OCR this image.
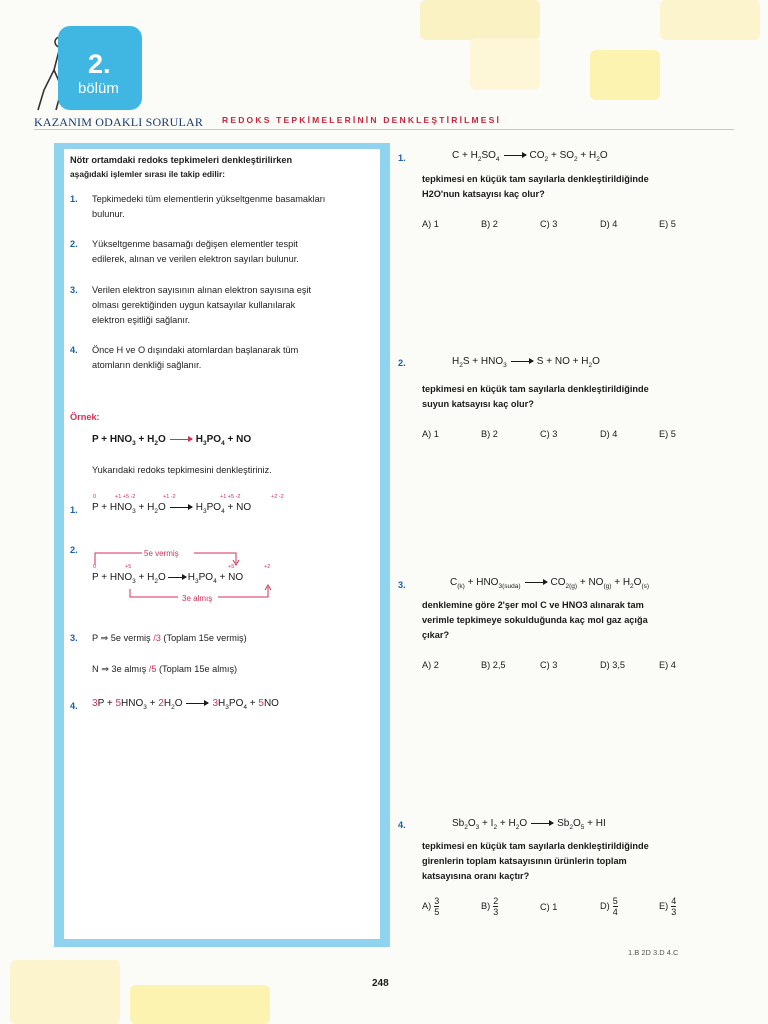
2.
bölüm
KAZANIM ODAKLI SORULAR REDOKS TEPKİMELERİNİN DENKLEŞTİRİLMESİ
Nötr ortamdaki redoks tepkimeleri denkleştirilirken
aşağıdaki işlemler sırası ile takip edilir:
1. Tepkimedeki tüm elementlerin yükseltgenme basamakları
bulunur.
2. Yükseltgenme basamağı değişen elementler tespit
edilerek, alınan ve verilen elektron sayıları bulunur.
3. Verilen elektron sayısının alınan elektron sayısına eşit
olması gerektiğinden uygun katsayılar kullanılarak
elektron eşitliği sağlanır.
4. Önce H ve O dışındaki atomlardan başlanarak tüm
atomların denkliği sağlanır.
Örnek:
$P + HNO_3 + H_2O$	$H_3PO_4$ + NO
Yukarıdaki redoks tepkimesini denkleştiriniz.
1.
0	+1 +5 -2	+1 -2	+1 +5 -2	+2 -2
$P + HNO_3 + H_2O$	$H_3PO_4$ + NO
2.	5e vermiş
3e almış
0	+5	+5	+2
$P + HNO_3 + H_2O$ $H_3PO_4$ + NO
3. P ⇒ 5e vermiş /3 (Toplam 15e vermiş)
N ⇒ 3e almış /5 (Toplam 15e almış)
4. $3P + 5HNO_3 + 2H_2O$	$3H_3PO_4 + 5NO$
1.	$C + H_2SO_4$	$CO_2 + SO_2 + H_2O$
tepkimesi en küçük tam sayılarla denkleştirildiğinde
H2O'nun katsayısı kaç olur?
A) 1	B) 2	C) 3	D) 4	E) 5
2.	$H_2S + HNO_3$	S + NO + $H_2O$
tepkimesi en küçük tam sayılarla denkleştirildiğinde
suyun katsayısı kaç olur?
A) 1	B) 2	C) 3	D) 4	E) 5
3.	$C_{(k)} + HNO_{3(suda)}$	$CO_{2(g)} + NO_{(g)} + H_2O_{(s)}$
denklemine göre 2'şer mol C ve HNO3 alınarak tam
verimle tepkimeye sokulduğunda kaç mol gaz açığa
çıkar?
A) 2	B) 2,5	C) 3	D) 3,5	E) 4
4.	$Sb_2O_3 + I_2 + H_2O$	$Sb_2O_5$ + HI
tepkimesi en küçük tam sayılarla denkleştirildiğinde
girenlerin toplam katsayısının ürünlerin toplam
katsayısına oranı kaçtır?
$A) \frac{3}{5}$	$B) \frac{2}{3}$	C) 1	$D) \frac{5}{4}$	$E) \frac{4}{3}$
1.B 2D 3.D 4.C
248
